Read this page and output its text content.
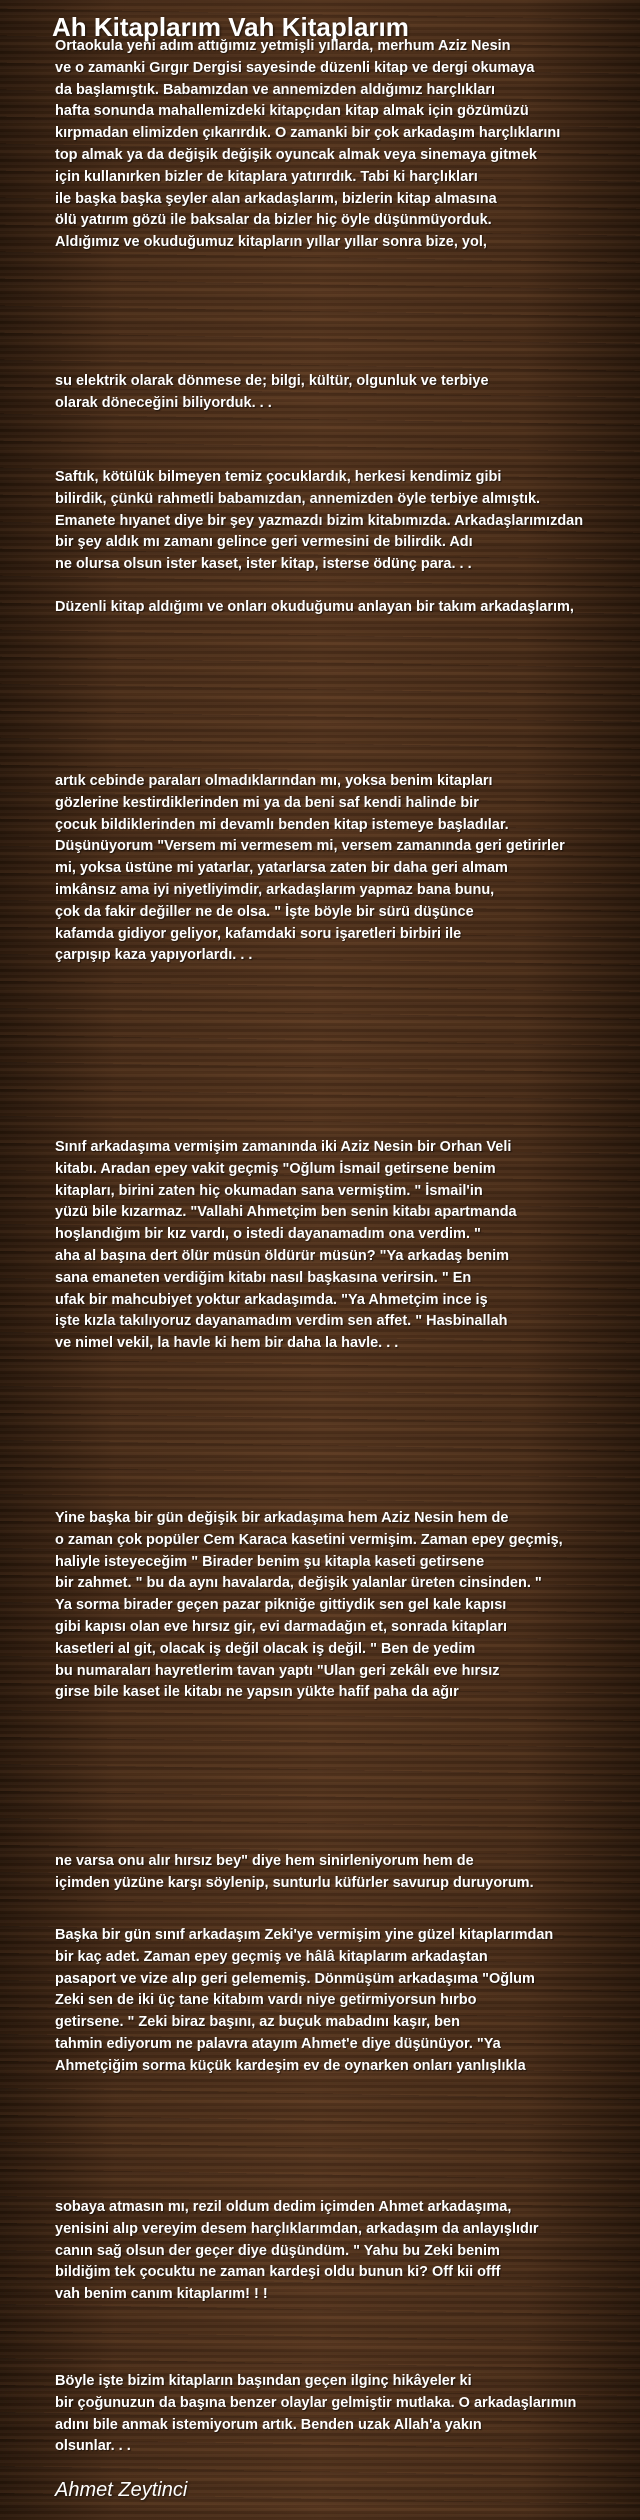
Ah Kitaplarım Vah Kitaplarım
Ortaokula yeni adım attığımız yetmişli yıllarda, merhum Aziz Nesin
ve o zamanki Gırgır Dergisi sayesinde düzenli kitap ve dergi okumaya
da başlamıştık. Babamızdan ve annemizden aldığımız harçlıkları
hafta sonunda mahallemizdeki kitapçıdan kitap almak için gözümüzü
kırpmadan elimizden çıkarırdık. O zamanki bir çok arkadaşım harçlıklarını
top almak ya da değişik değişik oyuncak almak veya sinemaya gitmek
için kullanırken bizler de kitaplara yatırırdık. Tabi ki harçlıkları
ile başka başka şeyler alan arkadaşlarım, bizlerin kitap almasına
ölü yatırım gözü ile baksalar da bizler hiç öyle düşünmüyorduk.
Aldığımız ve okuduğumuz kitapların yıllar yıllar sonra bize, yol,
su elektrik olarak dönmese de; bilgi, kültür, olgunluk ve terbiye
olarak döneceğini biliyorduk. . .
Saftık, kötülük bilmeyen temiz çocuklardık, herkesi kendimiz gibi
bilirdik, çünkü rahmetli babamızdan, annemizden öyle terbiye almıştık.
Emanete hıyanet diye bir şey yazmazdı bizim kitabımızda. Arkadaşlarımızdan
bir şey aldık mı zamanı gelince geri vermesini de bilirdik. Adı
ne olursa olsun ister kaset, ister kitap, isterse ödünç para. . .
Düzenli kitap aldığımı ve onları okuduğumu anlayan bir takım arkadaşlarım,
artık cebinde paraları olmadıklarından mı, yoksa benim kitapları
gözlerine kestirdiklerinden mi ya da beni saf kendi halinde bir
çocuk bildiklerinden mi devamlı benden kitap istemeye başladılar.
Düşünüyorum "Versem mi vermesem mi, versem zamanında geri getirirler
mi, yoksa üstüne mi yatarlar, yatarlarsa zaten bir daha geri almam
imkânsız ama iyi niyetliyimdir, arkadaşlarım yapmaz bana bunu,
çok da fakir değiller ne de olsa. " İşte böyle bir sürü düşünce
kafamda gidiyor geliyor, kafamdaki soru işaretleri birbiri ile
çarpışıp kaza yapıyorlardı. . .
Sınıf arkadaşıma vermişim zamanında iki Aziz Nesin bir Orhan Veli
kitabı. Aradan epey vakit geçmiş "Oğlum İsmail getirsene benim
kitapları, birini zaten hiç okumadan sana vermiştim. " İsmail'in
yüzü bile kızarmaz. "Vallahi Ahmetçim ben senin kitabı apartmanda
hoşlandığım bir kız vardı, o istedi dayanamadım ona verdim. "
aha al başına dert ölür müsün öldürür müsün? "Ya arkadaş benim
sana emaneten verdiğim kitabı nasıl başkasına verirsin. " En
ufak bir mahcubiyet yoktur arkadaşımda. "Ya Ahmetçim ince iş
işte kızla takılıyoruz dayanamadım verdim sen affet. " Hasbinallah
ve nimel vekil, la havle ki hem bir daha la havle. . .
Yine başka bir gün değişik bir arkadaşıma hem Aziz Nesin hem de
o zaman çok popüler Cem Karaca kasetini vermişim. Zaman epey geçmiş,
haliyle isteyeceğim " Birader benim şu kitapla kaseti getirsene
bir zahmet. " bu da aynı havalarda, değişik yalanlar üreten cinsinden. "
Ya sorma birader geçen pazar pikniğe gittiydik sen gel kale kapısı
gibi kapısı olan eve hırsız gir, evi darmadağın et, sonrada kitapları
kasetleri al git, olacak iş değil olacak iş değil. " Ben de yedim
bu numaraları hayretlerim tavan yaptı "Ulan geri zekâlı eve hırsız
girse bile kaset ile kitabı ne yapsın yükte hafif paha da ağır
ne varsa onu alır hırsız bey" diye hem sinirleniyorum hem de
içimden yüzüne karşı söylenip, sunturlu küfürler savurup duruyorum.
Başka bir gün sınıf arkadaşım Zeki'ye vermişim yine güzel kitaplarımdan
bir kaç adet. Zaman epey geçmiş ve hâlâ kitaplarım arkadaştan
pasaport ve vize alıp geri gelememiş. Dönmüşüm arkadaşıma "Oğlum
Zeki sen de iki üç tane kitabım vardı niye getirmiyorsun hırbo
getirsene. " Zeki biraz başını, az buçuk mabadını kaşır, ben
tahmin ediyorum ne palavra atayım Ahmet'e diye düşünüyor. "Ya
Ahmetçiğim sorma küçük kardeşim ev de oynarken onları yanlışlıkla
sobaya atmasın mı, rezil oldum dedim içimden Ahmet arkadaşıma,
yenisini alıp vereyim desem harçlıklarımdan, arkadaşım da anlayışlıdır
canın sağ olsun der geçer diye düşündüm. " Yahu bu Zeki benim
bildiğim tek çocuktu ne zaman kardeşi oldu bunun ki? Off kii offf
vah benim canım kitaplarım! ! !
Böyle işte bizim kitapların başından geçen ilginç hikâyeler ki
bir çoğunuzun da başına benzer olaylar gelmiştir mutlaka. O arkadaşlarımın
adını bile anmak istemiyorum artık. Benden uzak Allah'a yakın
olsunlar. . .
Ahmet Zeytinci
